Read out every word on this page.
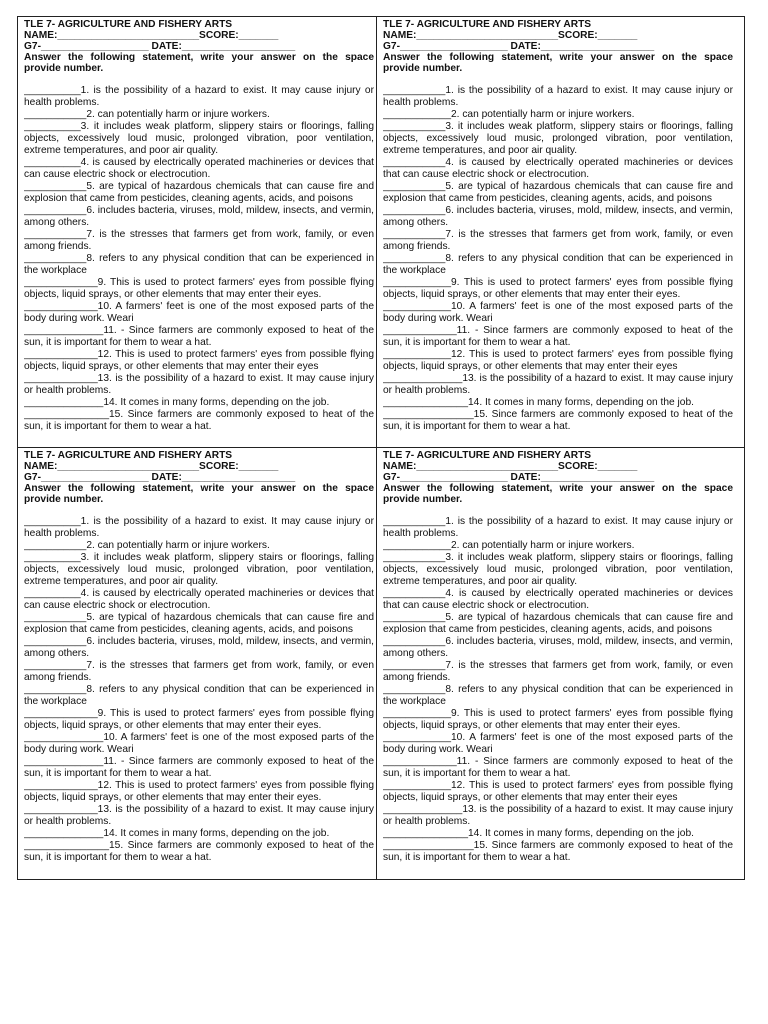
TLE 7- AGRICULTURE AND FISHERY ARTS
NAME:_________________________SCORE:_______
G7-___________________ DATE:____________________
Answer the following statement, write your answer on the space provide number.
__________1. is the possibility of a hazard to exist. It may cause injury or health problems.
___________2. can potentially harm or injure workers.
__________3. it includes weak platform, slippery stairs or floorings, falling objects, excessively loud music, prolonged vibration, poor ventilation, extreme temperatures, and poor air quality.
__________4. is caused by electrically operated machineries or devices that can cause electric shock or electrocution.
___________5. are typical of hazardous chemicals that can cause fire and explosion that came from pesticides, cleaning agents, acids, and poisons
___________6. includes bacteria, viruses, mold, mildew, insects, and vermin, among others.
___________7. is the stresses that farmers get from work, family, or even among friends.
___________8. refers to any physical condition that can be experienced in the workplace
_____________9. This is used to protect farmers' eyes from possible flying objects, liquid sprays, or other elements that may enter their eyes.
_____________10. A farmers' feet is one of the most exposed parts of the body during work. Weari
______________11. - Since farmers are commonly exposed to heat of the sun, it is important for them to wear a hat.
_____________12. This is used to protect farmers' eyes from possible flying objects, liquid sprays, or other elements that may enter their eyes
_____________13. is the possibility of a hazard to exist. It may cause injury or health problems.
______________14. It comes in many forms, depending on the job.
_______________15. Since farmers are commonly exposed to heat of the sun, it is important for them to wear a hat.
TLE 7- AGRICULTURE AND FISHERY ARTS
NAME:_________________________SCORE:_______
G7-___________________ DATE:____________________
Answer the following statement, write your answer on the space provide number.
___________1. is the possibility of a hazard to exist. It may cause injury or health problems.
____________2. can potentially harm or injure workers.
___________3. it includes weak platform, slippery stairs or floorings, falling objects, excessively loud music, prolonged vibration, poor ventilation, extreme temperatures, and poor air quality.
___________4. is caused by electrically operated machineries or devices that can cause electric shock or electrocution.
___________5. are typical of hazardous chemicals that can cause fire and explosion that came from pesticides, cleaning agents, acids, and poisons
___________6. includes bacteria, viruses, mold, mildew, insects, and vermin, among others.
___________7. is the stresses that farmers get from work, family, or even among friends.
___________8. refers to any physical condition that can be experienced in the workplace
____________9. This is used to protect farmers' eyes from possible flying objects, liquid sprays, or other elements that may enter their eyes.
____________10. A farmers' feet is one of the most exposed parts of the body during work. Weari
_____________11. - Since farmers are commonly exposed to heat of the sun, it is important for them to wear a hat.
____________12. This is used to protect farmers' eyes from possible flying objects, liquid sprays, or other elements that may enter their eyes
______________13. is the possibility of a hazard to exist. It may cause injury or health problems.
_______________14. It comes in many forms, depending on the job.
________________15. Since farmers are commonly exposed to heat of the sun, it is important for them to wear a hat.
TLE 7- AGRICULTURE AND FISHERY ARTS
NAME:_________________________SCORE:_______
G7-___________________ DATE:____________________
Answer the following statement, write your answer on the space provide number.
__________1. is the possibility of a hazard to exist. It may cause injury or health problems.
___________2. can potentially harm or injure workers.
__________3. it includes weak platform, slippery stairs or floorings, falling objects, excessively loud music, prolonged vibration, poor ventilation, extreme temperatures, and poor air quality.
__________4. is caused by electrically operated machineries or devices that can cause electric shock or electrocution.
___________5. are typical of hazardous chemicals that can cause fire and explosion that came from pesticides, cleaning agents, acids, and poisons
___________6. includes bacteria, viruses, mold, mildew, insects, and vermin, among others.
___________7. is the stresses that farmers get from work, family, or even among friends.
___________8. refers to any physical condition that can be experienced in the workplace
_____________9. This is used to protect farmers' eyes from possible flying objects, liquid sprays, or other elements that may enter their eyes.
______________10. A farmers' feet is one of the most exposed parts of the body during work. Weari
______________11. - Since farmers are commonly exposed to heat of the sun, it is important for them to wear a hat.
_____________12. This is used to protect farmers' eyes from possible flying objects, liquid sprays, or other elements that may enter their eyes.
_____________13. is the possibility of a hazard to exist. It may cause injury or health problems.
______________14. It comes in many forms, depending on the job.
_______________15. Since farmers are commonly exposed to heat of the sun, it is important for them to wear a hat.
TLE 7- AGRICULTURE AND FISHERY ARTS
NAME:_________________________SCORE:_______
G7-___________________ DATE:____________________
Answer the following statement, write your answer on the space provide number.
___________1. is the possibility of a hazard to exist. It may cause injury or health problems.
____________2. can potentially harm or injure workers.
___________3. it includes weak platform, slippery stairs or floorings, falling objects, excessively loud music, prolonged vibration, poor ventilation, extreme temperatures, and poor air quality.
___________4. is caused by electrically operated machineries or devices that can cause electric shock or electrocution.
___________5. are typical of hazardous chemicals that can cause fire and explosion that came from pesticides, cleaning agents, acids, and poisons
___________6. includes bacteria, viruses, mold, mildew, insects, and vermin, among others.
___________7. is the stresses that farmers get from work, family, or even among friends.
___________8. refers to any physical condition that can be experienced in the workplace
____________9. This is used to protect farmers' eyes from possible flying objects, liquid sprays, or other elements that may enter their eyes.
____________10. A farmers' feet is one of the most exposed parts of the body during work. Weari
_____________11. - Since farmers are commonly exposed to heat of the sun, it is important for them to wear a hat.
____________12. This is used to protect farmers' eyes from possible flying objects, liquid sprays, or other elements that may enter their eyes
______________13. is the possibility of a hazard to exist. It may cause injury or health problems.
_______________14. It comes in many forms, depending on the job.
________________15. Since farmers are commonly exposed to heat of the sun, it is important for them to wear a hat.
